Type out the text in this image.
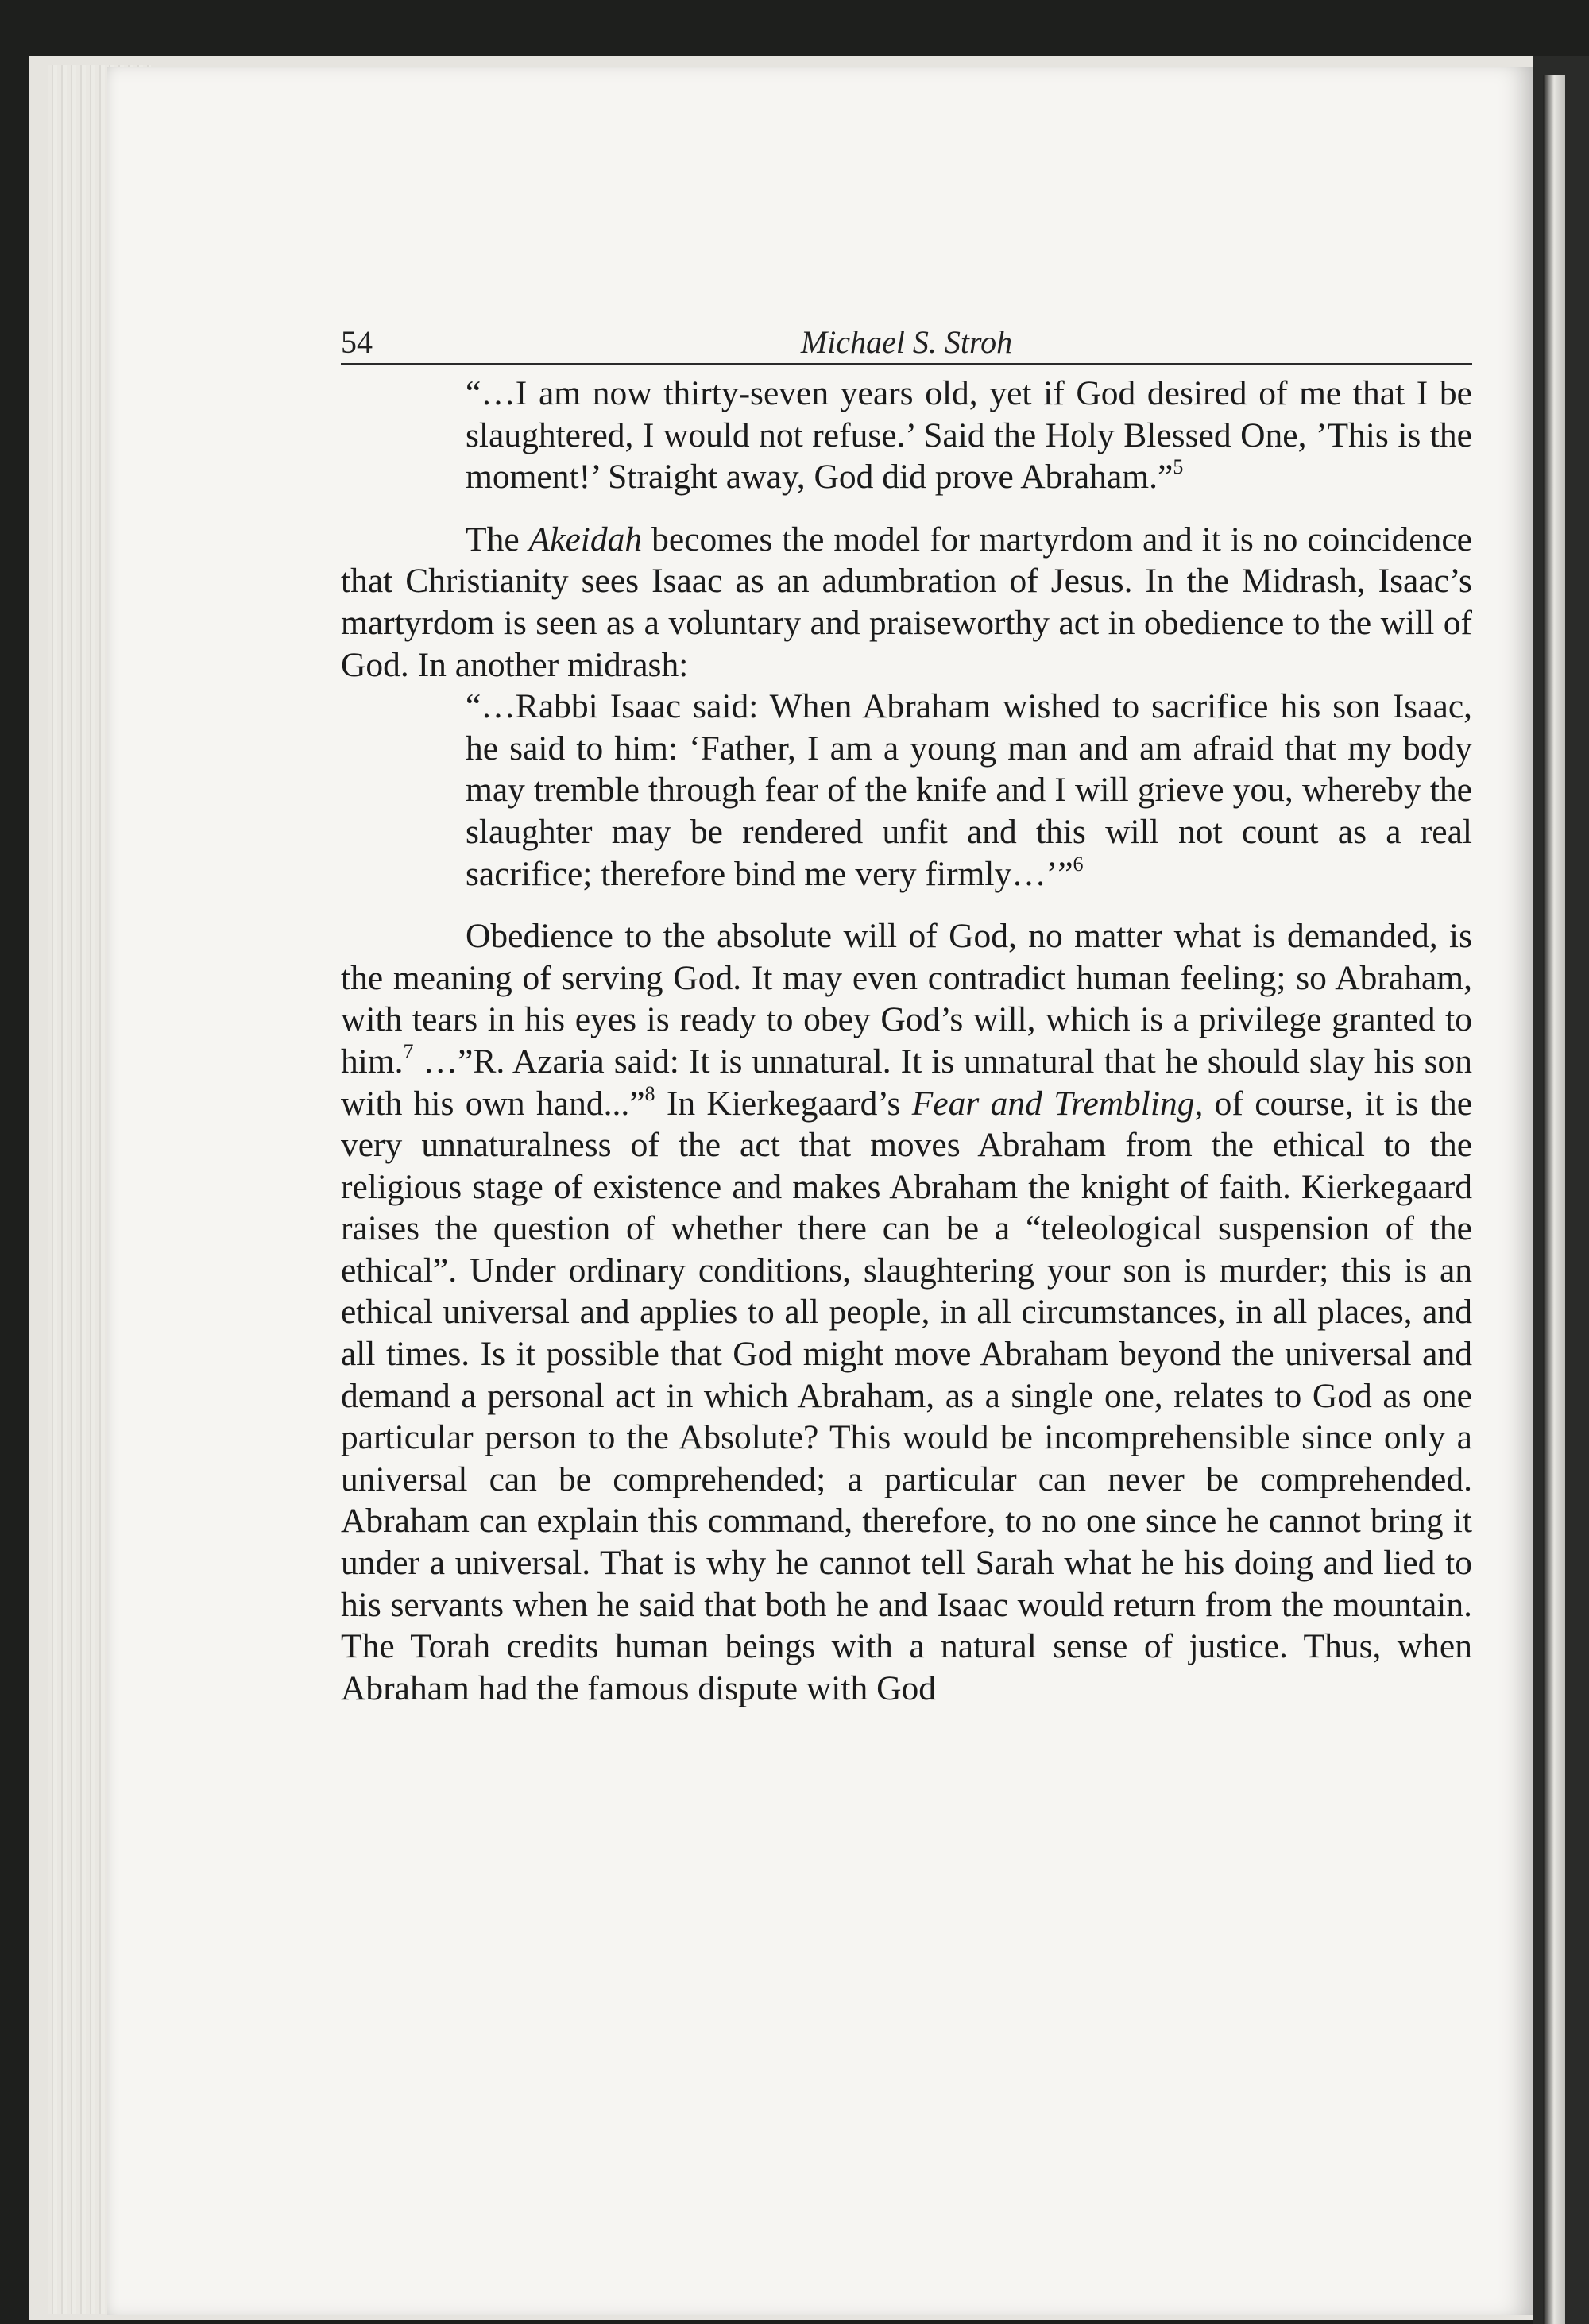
54	Michael S. Stroh

“…I am now thirty-seven years old, yet if God desired of me that I be slaughtered, I would not refuse.’ Said the Holy Blessed One, ’This is the moment!’ Straight away, God did prove Abraham.”$^5$

The Akeidah becomes the model for martyrdom and it is no coincidence that Christianity sees Isaac as an adumbration of Jesus. In the Midrash, Isaac’s martyrdom is seen as a voluntary and praiseworthy act in obedience to the will of God. In another midrash:

“…Rabbi Isaac said: When Abraham wished to sacrifice his son Isaac, he said to him: ‘Father, I am a young man and am afraid that my body may tremble through fear of the knife and I will grieve you, whereby the slaughter may be rendered unfit and this will not count as a real sacrifice; therefore bind me very firmly…’”$^6$

Obedience to the absolute will of God, no matter what is demanded, is the meaning of serving God. It may even contradict human feeling; so Abraham, with tears in his eyes is ready to obey God’s will, which is a privilege granted to him.$^7$ …”R. Azaria said: It is unnatural. It is unnatural that he should slay his son with his own hand...”$^8$ In Kierkegaard’s Fear and Trembling, of course, it is the very unnaturalness of the act that moves Abraham from the ethical to the religious stage of existence and makes Abraham the knight of faith. Kierkegaard raises the question of whether there can be a “teleological suspension of the ethical”. Under ordinary conditions, slaughtering your son is murder; this is an ethical universal and applies to all people, in all circumstances, in all places, and all times. Is it possible that God might move Abraham beyond the universal and demand a personal act in which Abraham, as a single one, relates to God as one particular person to the Absolute? This would be incomprehensible since only a universal can be comprehended; a particular can never be comprehended. Abraham can explain this command, therefore, to no one since he cannot bring it under a universal. That is why he cannot tell Sarah what he his doing and lied to his servants when he said that both he and Isaac would return from the mountain. The Torah credits human beings with a natural sense of justice. Thus, when Abraham had the famous dispute with God
